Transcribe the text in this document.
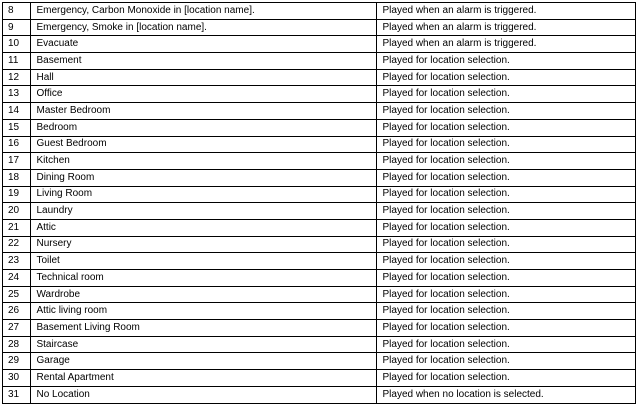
8	Emergency, Carbon Monoxide in [location name].	Played when an alarm is triggered.
9	Emergency, Smoke in [location name].	Played when an alarm is triggered.
10	Evacuate	Played when an alarm is triggered.
11	Basement	Played for location selection.
12	Hall	Played for location selection.
13	Office	Played for location selection.
14	Master Bedroom	Played for location selection.
15	Bedroom	Played for location selection.
16	Guest Bedroom	Played for location selection.
17	Kitchen	Played for location selection.
18	Dining Room	Played for location selection.
19	Living Room	Played for location selection.
20	Laundry	Played for location selection.
21	Attic	Played for location selection.
22	Nursery	Played for location selection.
23	Toilet	Played for location selection.
24	Technical room	Played for location selection.
25	Wardrobe	Played for location selection.
26	Attic living room	Played for location selection.
27	Basement Living Room	Played for location selection.
28	Staircase	Played for location selection.
29	Garage	Played for location selection.
30	Rental Apartment	Played for location selection.
31	No Location	Played when no location is selected.
